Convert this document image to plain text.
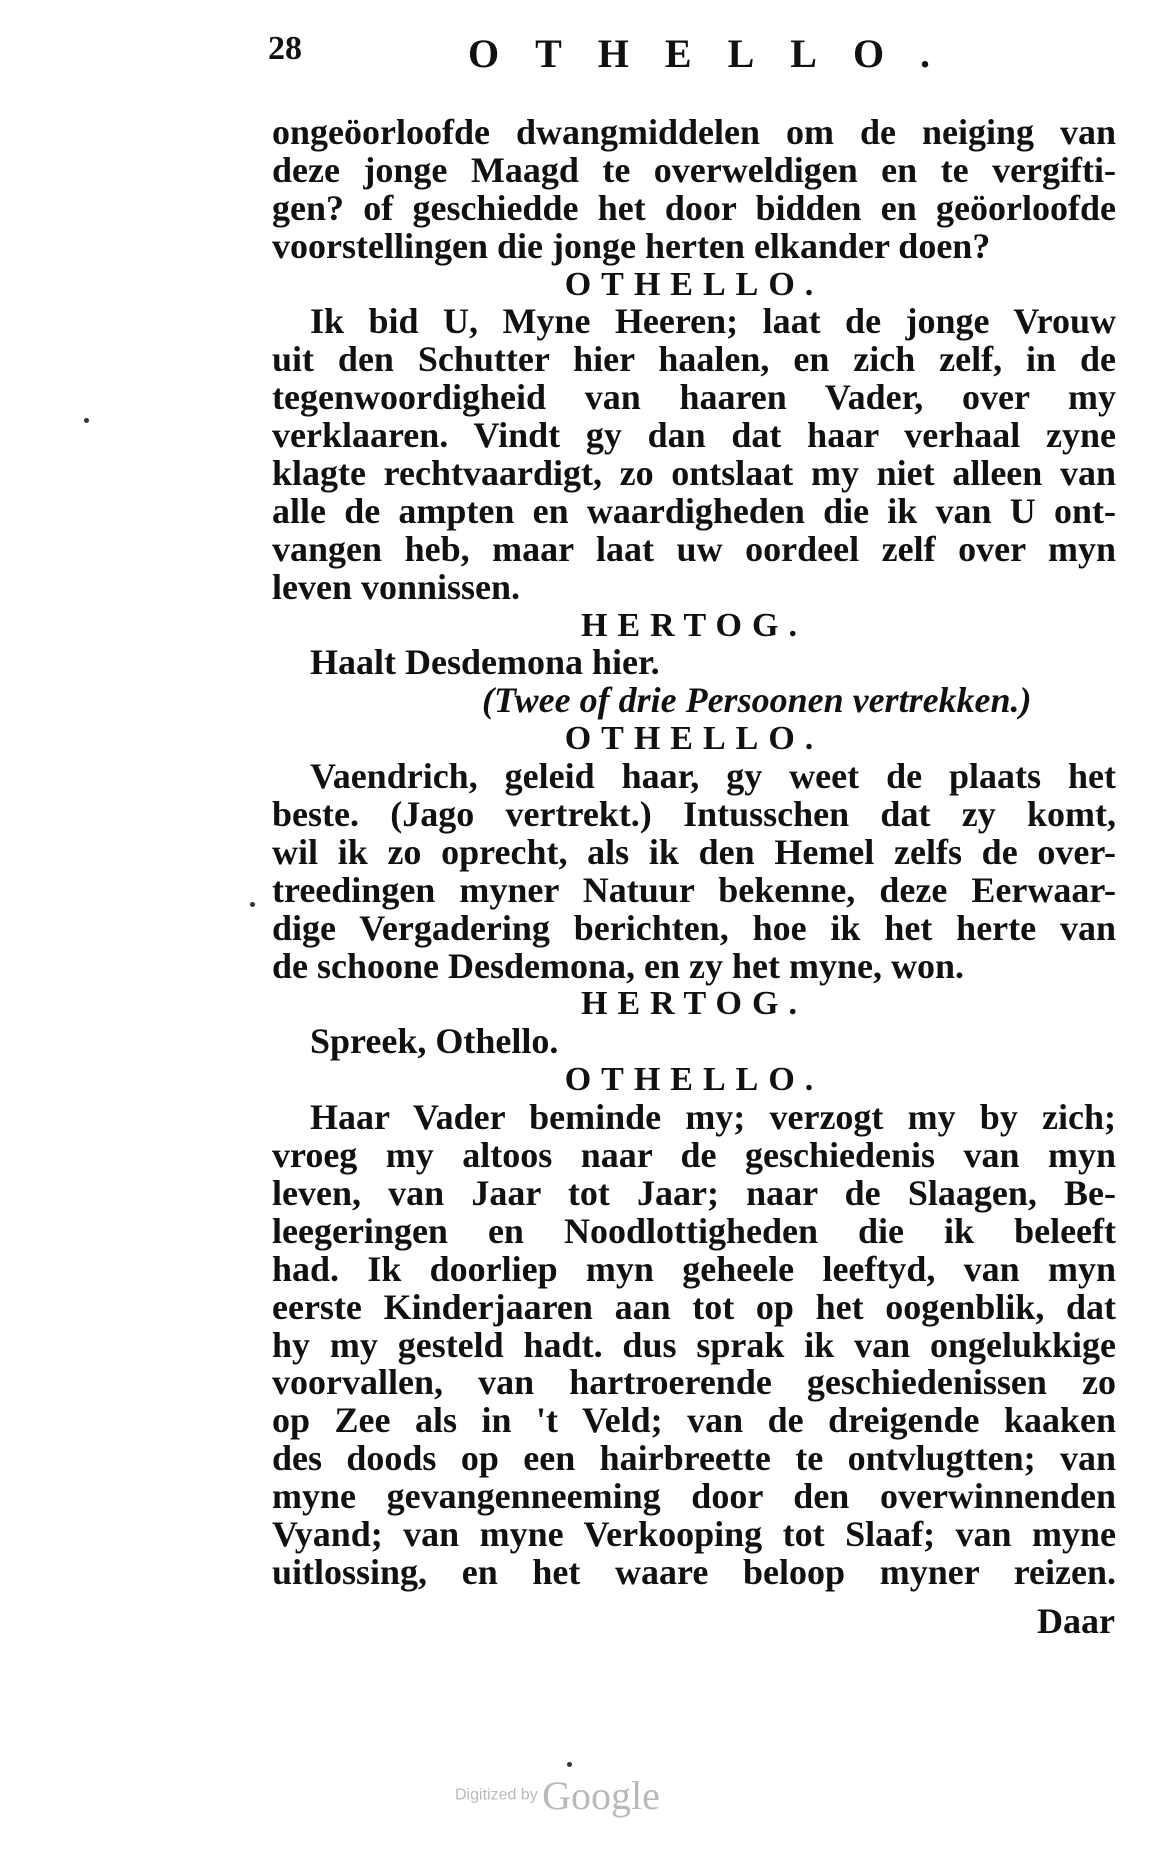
28	OTHELLO.
ongeöorloofde dwangmiddelen om de neiging van
deze jonge Maagd te overweldigen en te vergifti-
gen? of geschiedde het door bidden en geöorloofde
voorstellingen die jonge herten elkander doen?
OTHELLO.
Ik bid U, Myne Heeren; laat de jonge Vrouw
uit den Schutter hier haalen, en zich zelf, in de
tegenwoordigheid van haaren Vader, over my
verklaaren. Vindt gy dan dat haar verhaal zyne
klagte rechtvaardigt, zo ontslaat my niet alleen van
alle de ampten en waardigheden die ik van U ont-
vangen heb, maar laat uw oordeel zelf over myn
leven vonnissen.
HERTOG.
Haalt Desdemona hier.
(Twee of drie Persoonen vertrekken.)
OTHELLO.
Vaendrich, geleid haar, gy weet de plaats het
beste. (Jago vertrekt.) Intusschen dat zy komt,
wil ik zo oprecht, als ik den Hemel zelfs de over-
treedingen myner Natuur bekenne, deze Eerwaar-
dige Vergadering berichten, hoe ik het herte van
de schoone Desdemona, en zy het myne, won.
HERTOG.
Spreek, Othello.
OTHELLO.
Haar Vader beminde my; verzogt my by zich;
vroeg my altoos naar de geschiedenis van myn
leven, van Jaar tot Jaar; naar de Slaagen, Be-
leegeringen en Noodlottigheden die ik beleeft
had. Ik doorliep myn geheele leeftyd, van myn
eerste Kinderjaaren aan tot op het oogenblik, dat
hy my gesteld hadt. dus sprak ik van ongelukkige
voorvallen, van hartroerende geschiedenissen zo
op Zee als in 't Veld; van de dreigende kaaken
des doods op een hairbreette te ontvlugtten; van
myne gevangenneeming door den overwinnenden
Vyand; van myne Verkooping tot Slaaf; van myne
uitlossing, en het waare beloop myner reizen.
Daar
Digitized by Google
